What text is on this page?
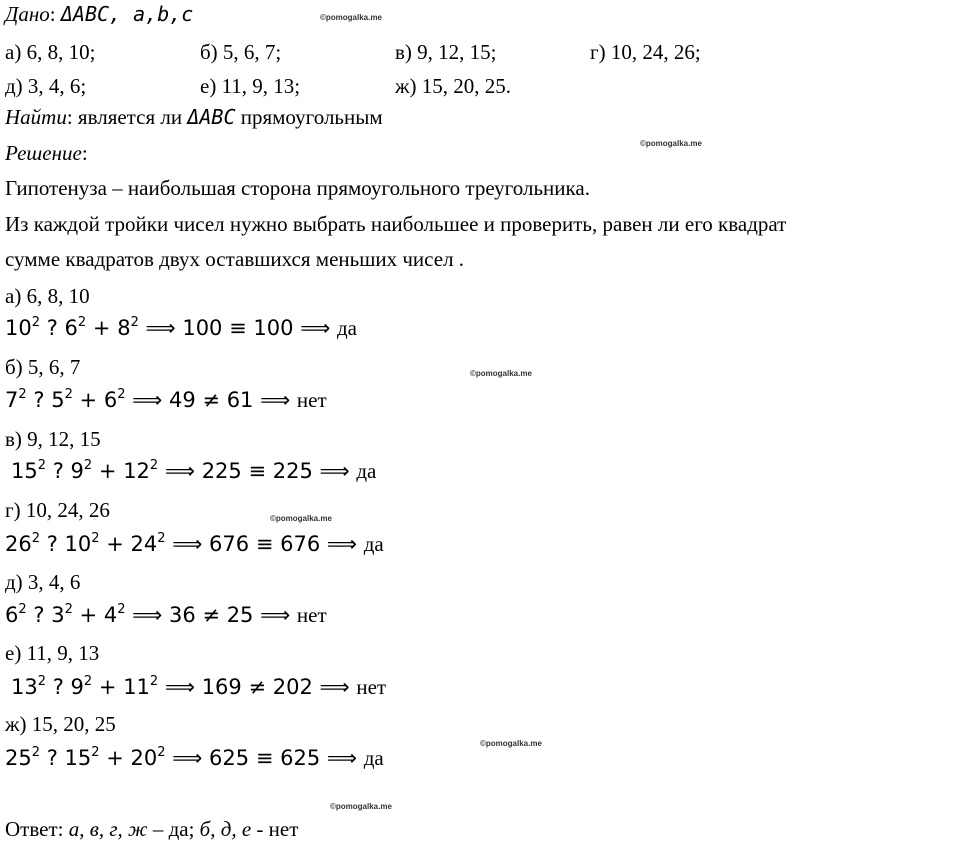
Дано: ΔABC, a,b,c
а) 6, 8, 10;	б) 5, 6, 7;	в) 9, 12, 15;	г) 10, 24, 26;
д) 3, 4, 6;	е) 11, 9, 13;	ж) 15, 20, 25.
Найти: является ли ΔABC прямоугольным
Решение:
Гипотенуза – наибольшая сторона прямоугольного треугольника.
Из каждой тройки чисел нужно выбрать наибольшее и проверить, равен ли его квадрат
сумме квадратов двух оставшихся меньших чисел .
а) 6, 8, 10
$10^2$ ? $6^2 + 8^2$ ⟹ 100 ≡ 100 ⟹ да
б) 5, 6, 7
$7^2$ ? $5^2 + 6^2$ ⟹ 49 ≠ 61 ⟹ нет
в) 9, 12, 15
$15^2$ ? $9^2 + 12^2$ ⟹ 225 ≡ 225 ⟹ да
г) 10, 24, 26
$26^2$ ? $10^2 + 24^2$ ⟹ 676 ≡ 676 ⟹ да
д) 3, 4, 6
$6^2$ ? $3^2 + 4^2$ ⟹ 36 ≠ 25 ⟹ нет
е) 11, 9, 13
$13^2$ ? $9^2 + 11^2$ ⟹ 169 ≠ 202 ⟹ нет
ж) 15, 20, 25
$25^2$ ? $15^2 + 20^2$ ⟹ 625 ≡ 625 ⟹ да
Ответ: а, в, г, ж – да; б, д, е - нет
©pomogalka.me
©pomogalka.me
©pomogalka.me
©pomogalka.me
©pomogalka.me
©pomogalka.me
